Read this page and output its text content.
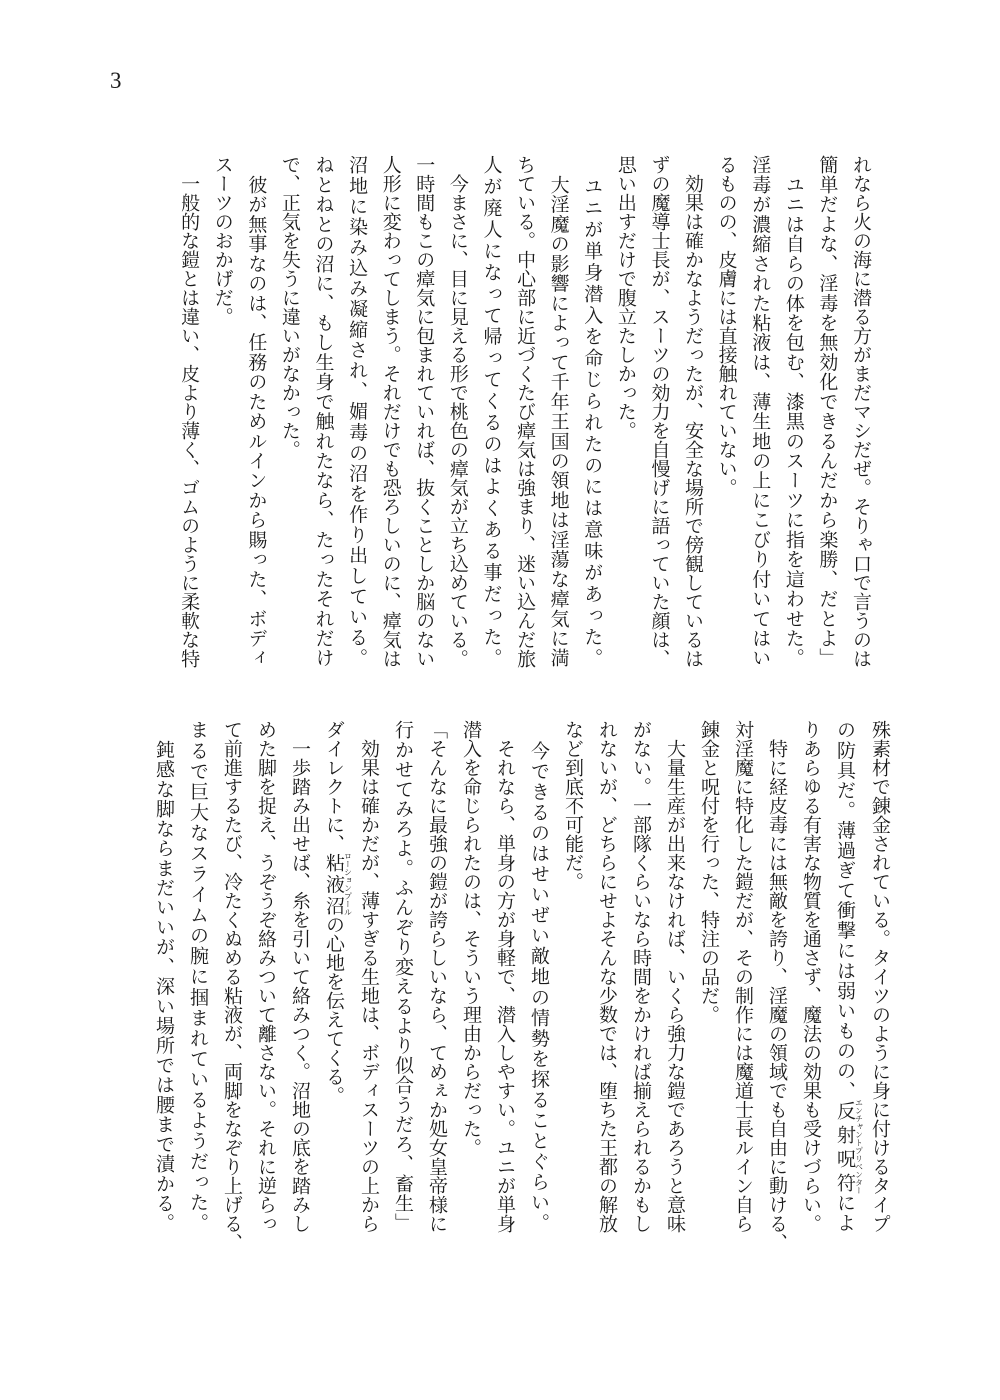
3
れなら火の海に潜る方がまだマシだぜ。そりゃ口で言うのは
簡単だよな、淫毒を無効化できるんだから楽勝、だとよ」
　ユニは自らの体を包む、漆黒のスーツに指を這わせた。
淫毒が濃縮された粘液は、薄生地の上にこびり付いてはい
るものの、皮膚には直接触れていない。
　効果は確かなようだったが、安全な場所で傍観しているは
ずの魔導士長が、スーツの効力を自慢げに語っていた顔は、
思い出すだけで腹立たしかった。
　ユニが単身潜入を命じられたのには意味があった。
　大淫魔の影響によって千年王国の領地は淫蕩な瘴気に満
ちている。中心部に近づくたび瘴気は強まり、迷い込んだ旅
人が廃人になって帰ってくるのはよくある事だった。
　今まさに、目に見える形で桃色の瘴気が立ち込めている。
一時間もこの瘴気に包まれていれば、抜くことしか脳のない
人形に変わってしまう。それだけでも恐ろしいのに、瘴気は
沼地に染み込み凝縮され、媚毒の沼を作り出している。
ねとねとの沼に、もし生身で触れたなら、たったそれだけ
で、正気を失うに違いがなかった。
　彼が無事なのは、任務のためルインから賜った、ボディ
スーツのおかげだ。
　一般的な鎧とは違い、皮より薄く、ゴムのように柔軟な特
殊素材で錬金されている。タイツのように身に付けるタイプ
の防具だ。薄過ぎて衝撃には弱いものの、反射呪符エンチャントプリベンターによ
りあらゆる有害な物質を通さず、魔法の効果も受けづらい。
　特に経皮毒には無敵を誇り、淫魔の領域でも自由に動ける、
対淫魔に特化した鎧だが、その制作には魔道士長ルイン自ら
錬金と呪付を行った、特注の品だ。
　大量生産が出来なければ、いくら強力な鎧であろうと意味
がない。一部隊くらいなら時間をかければ揃えられるかもし
れないが、どちらにせよそんな少数では、堕ちた王都の解放
など到底不可能だ。
　今できるのはせいぜい敵地の情勢を探ることぐらい。
　それなら、単身の方が身軽で、潜入しやすい。ユニが単身
潜入を命じられたのは、そういう理由からだった。
「そんなに最強の鎧が誇らしいなら、てめぇか処女皇帝様に
行かせてみろよ。ふんぞり変えるより似合うだろ、畜生」
　効果は確かだが、薄すぎる生地は、ボディスーツの上から
ダイレクトに、粘液沼ローションプールの心地を伝えてくる。
　一歩踏み出せば、糸を引いて絡みつく。沼地の底を踏みし
めた脚を捉え、うぞうぞ絡みついて離さない。それに逆らっ
て前進するたび、冷たくぬめる粘液が、両脚をなぞり上げる、
まるで巨大なスライムの腕に掴まれているようだった。
　鈍感な脚ならまだいいが、深い場所では腰まで漬かる。
